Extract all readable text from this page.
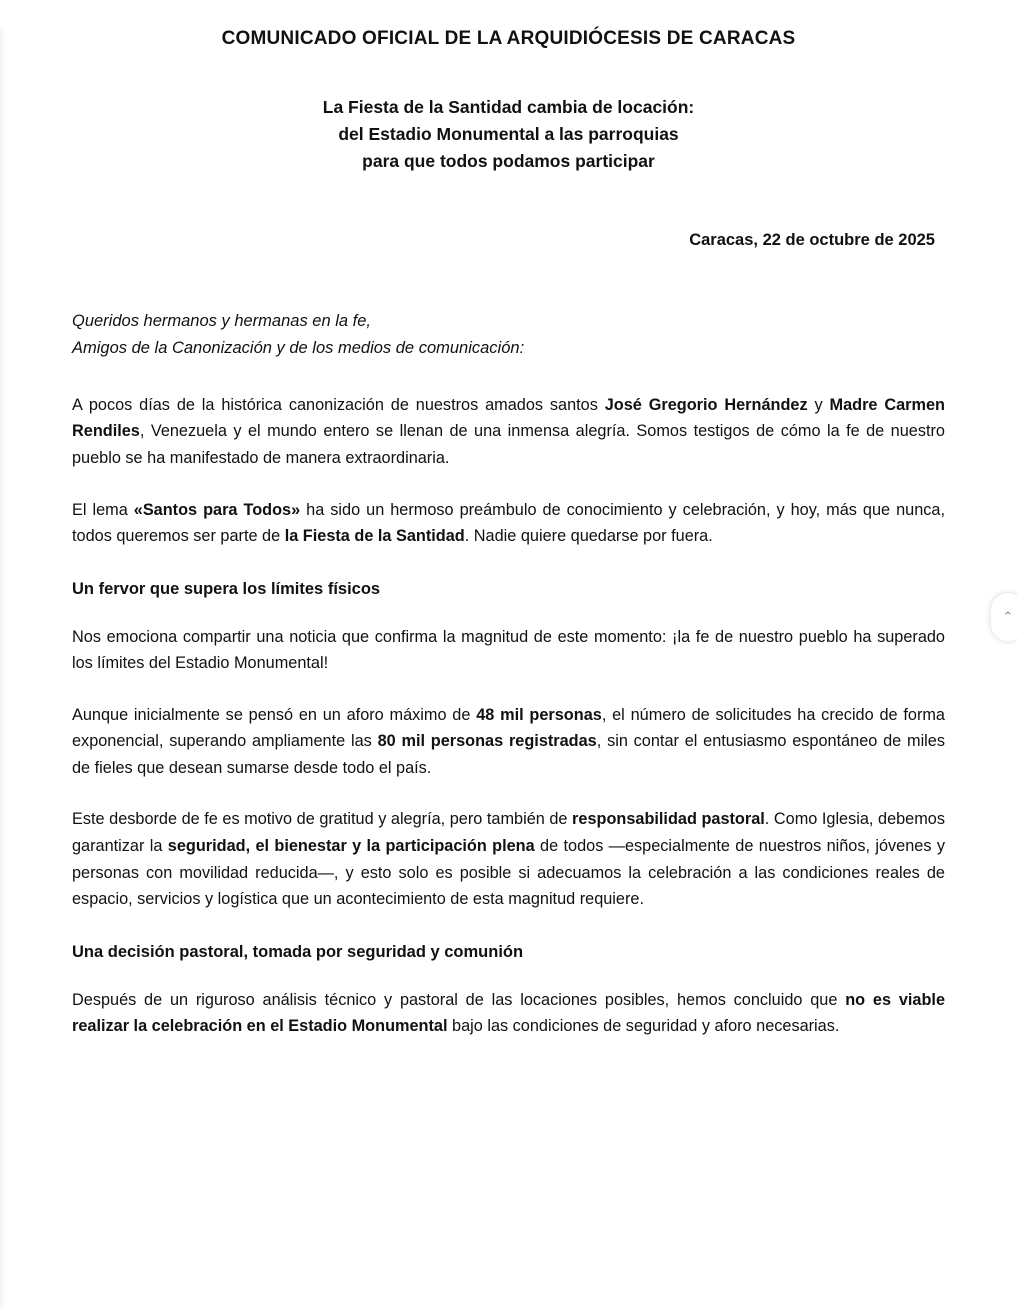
COMUNICADO OFICIAL DE LA ARQUIDIÓCESIS DE CARACAS
La Fiesta de la Santidad cambia de locación:
del Estadio Monumental a las parroquias
para que todos podamos participar
Caracas, 22 de octubre de 2025
Queridos hermanos y hermanas en la fe,
Amigos de la Canonización y de los medios de comunicación:

A pocos días de la histórica canonización de nuestros amados santos José Gregorio Hernández y Madre Carmen Rendiles, Venezuela y el mundo entero se llenan de una inmensa alegría. Somos testigos de cómo la fe de nuestro pueblo se ha manifestado de manera extraordinaria.

El lema «Santos para Todos» ha sido un hermoso preámbulo de conocimiento y celebración, y hoy, más que nunca, todos queremos ser parte de la Fiesta de la Santidad. Nadie quiere quedarse por fuera.

Un fervor que supera los límites físicos

Nos emociona compartir una noticia que confirma la magnitud de este momento: ¡la fe de nuestro pueblo ha superado los límites del Estadio Monumental!

Aunque inicialmente se pensó en un aforo máximo de 48 mil personas, el número de solicitudes ha crecido de forma exponencial, superando ampliamente las 80 mil personas registradas, sin contar el entusiasmo espontáneo de miles de fieles que desean sumarse desde todo el país.

Este desborde de fe es motivo de gratitud y alegría, pero también de responsabilidad pastoral. Como Iglesia, debemos garantizar la seguridad, el bienestar y la participación plena de todos —especialmente de nuestros niños, jóvenes y personas con movilidad reducida—, y esto solo es posible si adecuamos la celebración a las condiciones reales de espacio, servicios y logística que un acontecimiento de esta magnitud requiere.

Una decisión pastoral, tomada por seguridad y comunión

Después de un riguroso análisis técnico y pastoral de las locaciones posibles, hemos concluido que no es viable realizar la celebración en el Estadio Monumental bajo las condiciones de seguridad y aforo necesarias.

⌃
